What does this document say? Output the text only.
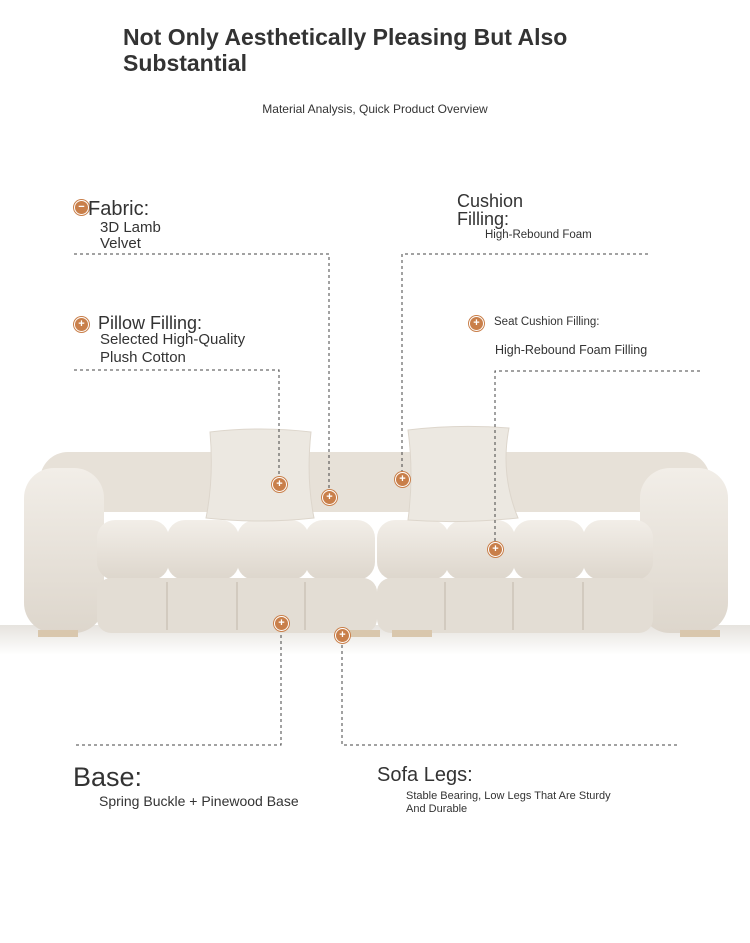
Not Only Aesthetically Pleasing But Also Substantial
Material Analysis, Quick Product Overview
+
+
+
+
+
+
− Fabric:
3D Lamb
Velvet
Cushion
Filling:
High-Rebound Foam
+ Pillow Filling:
Selected High-Quality
Plush Cotton
+	Seat Cushion Filling:
High-Rebound Foam Filling
Base:
Spring Buckle + Pinewood Base
Sofa Legs:
Stable Bearing, Low Legs That Are Sturdy
And Durable
